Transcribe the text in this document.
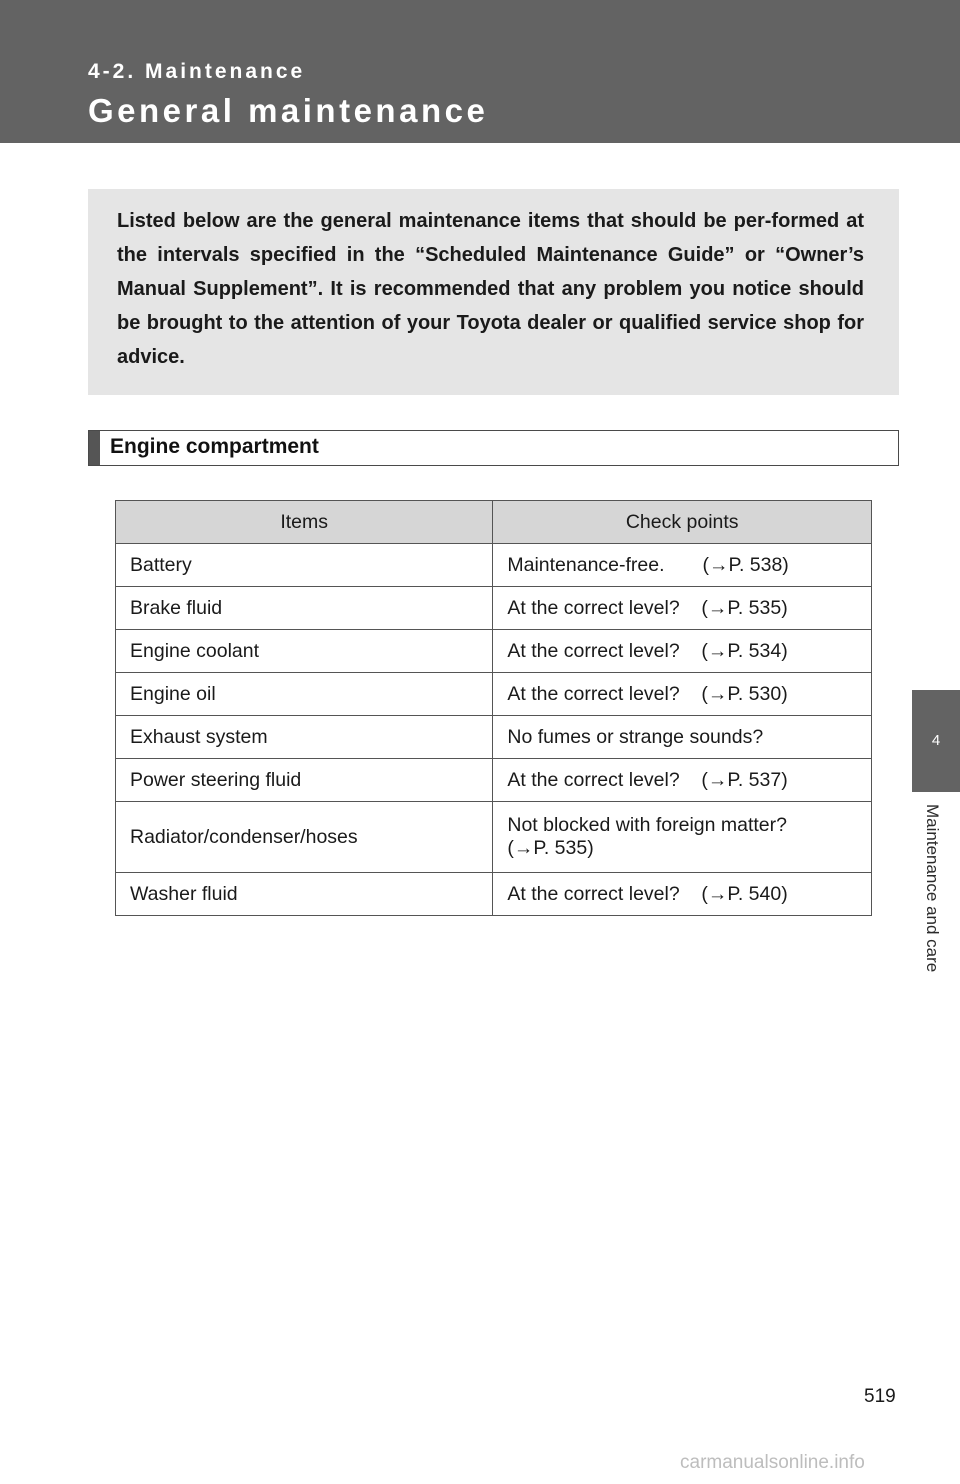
4-2. Maintenance
General maintenance
4
Maintenance and care

Listed below are the general maintenance items that should be per-formed at the intervals specified in the “Scheduled Maintenance Guide” or “Owner’s Manual Supplement”. It is recommended that any problem you notice should be brought to the attention of your Toyota dealer or qualified service shop for advice.

Engine compartment
Items	Check points
Battery	Maintenance-free.       (→P. 538)
Brake fluid	At the correct level?    (→P. 535)
Engine coolant	At the correct level?    (→P. 534)
Engine oil	At the correct level?    (→P. 530)
Exhaust system	No fumes or strange sounds?
Power steering fluid	At the correct level?    (→P. 537)
Radiator/condenser/hoses	Not blocked with foreign matter?
(→P. 535)
Washer fluid	At the correct level?    (→P. 540)
519
carmanualsonline.info
